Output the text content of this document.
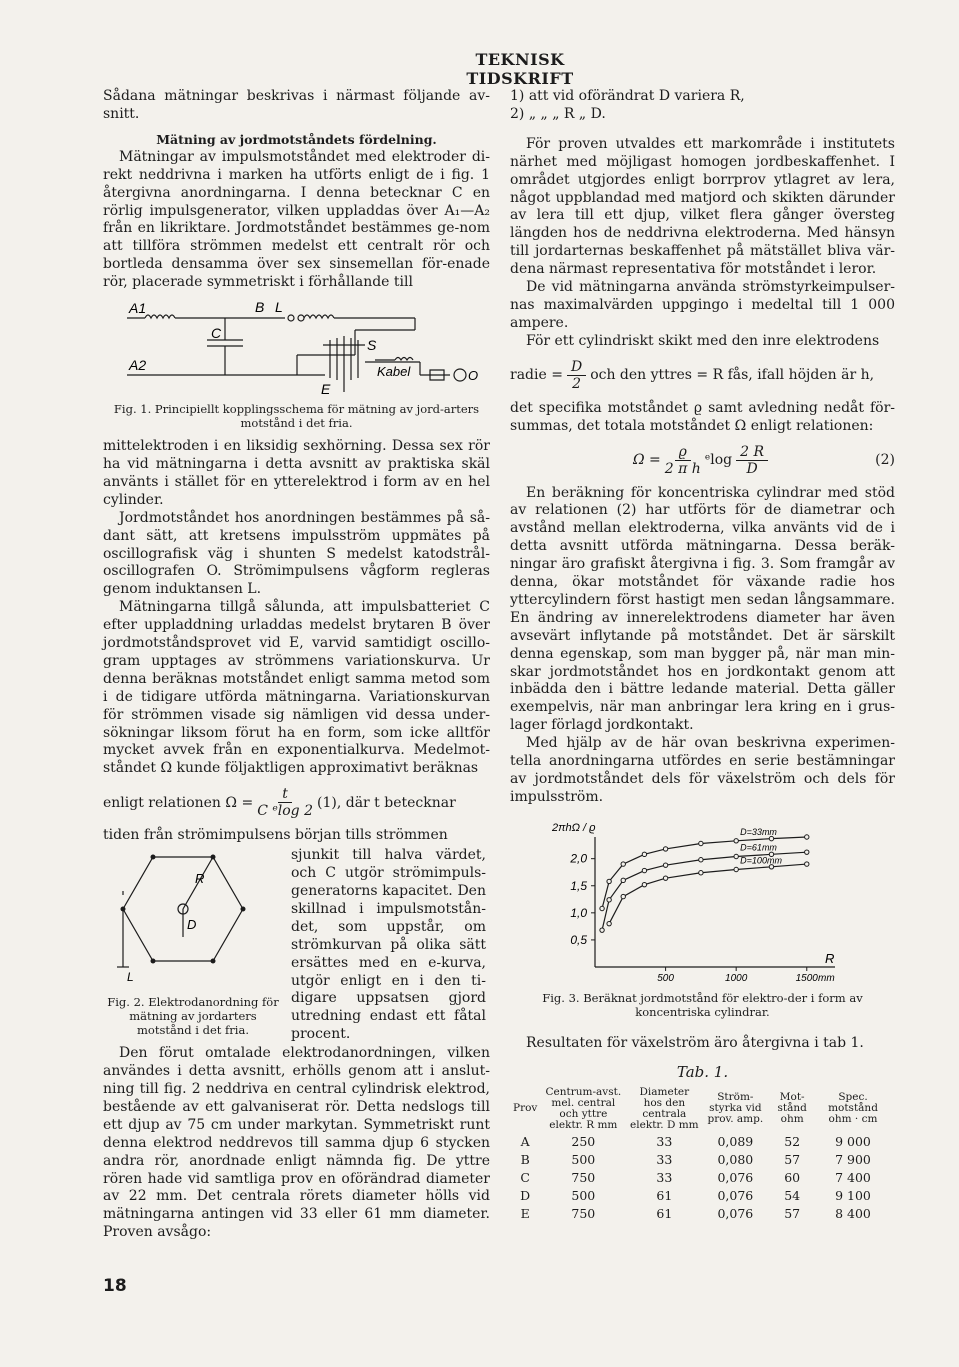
TEKNISK TIDSKRIFT

Sådana mätningar beskrivas i närmast följande av-snitt.

Mätning av jordmotståndets fördelning.

Mätningar av impulsmotståndet med elektroder di-rekt neddrivna i marken ha utförts enligt de i fig. 1 återgivna anordningarna. I denna betecknar C en rörlig impulsgenerator, vilken uppladdas över A₁—A₂ från en likriktare. Jordmotståndet bestämmes ge-nom att tillföra strömmen medelst ett centralt rör och bortleda densamma över sex sinsemellan för-enade rör, placerade symmetriskt i förhållande till

A1
A2
B L
C
S
Kabel
E
O
Fig. 1. Principiellt kopplingsschema för mätning av jord-arters motstånd i det fria.

mittelektroden i en liksidig sexhörning. Dessa sex rör ha vid mätningarna i detta avsnitt av praktiska skäl använts i stället för en ytterelektrod i form av en hel cylinder.

Jordmotståndet hos anordningen bestämmes på så-dant sätt, att kretsens impulsström uppmätes på oscillografisk väg i shunten S medelst katodstrål-oscillografen O. Strömimpulsens vågform regleras genom induktansen L.

Mätningarna tillgå sålunda, att impulsbatteriet C efter uppladdning urladdas medelst brytaren B över jordmotståndsprovet vid E, varvid samtidigt oscillo-gram upptages av strömmens variationskurva. Ur denna beräknas motståndet enligt samma metod som i de tidigare utförda mätningarna. Variationskurvan för strömmen visade sig nämligen vid dessa under-sökningar liksom förut ha en form, som icke alltför mycket avvek från en exponentialkurva. Medelmot-ståndet Ω kunde följaktligen approximativt beräknas

enligt relationen $\Omega = \frac{t}{\text{C ᵉlog 2}} (1)$, där t betecknar

tiden från strömimpulsens början tills strömmen

R
D
L
Fig. 2. Elektrodanordning för mätning av jordarters motstånd i det fria.

sjunkit till halva värdet, och C utgör strömimpuls-generatorns kapacitet. Den skillnad i impulsmotstån-det, som uppstår, om strömkurvan på olika sätt ersättes med en e-kurva, utgör enligt en i den ti-digare uppsatsen gjord utredning endast ett fåtal procent.

Den förut omtalade elektrodanordningen, vilken användes i detta avsnitt, erhölls genom att i anslut-ning till fig. 2 neddriva en central cylindrisk elektrod, bestående av ett galvaniserat rör. Detta nedslogs till ett djup av 75 cm under markytan. Symmetriskt runt denna elektrod neddrevos till samma djup 6 stycken andra rör, anordnade enligt nämnda fig. De yttre rören hade vid samtliga prov en oförändrad diameter av 22 mm. Det centrala rörets diameter hölls vid mätningarna antingen vid 33 eller 61 mm diameter. Proven avsågo:

1) att vid oförändrat D variera R,

2) „ „ „ R „ D.

För proven utvaldes ett markområde i institutets närhet med möjligast homogen jordbeskaffenhet. I området utgjordes enligt borrprov ytlagret av lera, något uppblandad med matjord och skikten därunder av lera till ett djup, vilket flera gånger översteg längden hos de neddrivna elektroderna. Med hänsyn till jordarternas beskaffenhet på mätstället bliva vär-dena närmast representativa för motståndet i leror.

De vid mätningarna använda strömstyrkeimpulser-nas maximalvärden uppgingo i medeltal till 1 000 ampere.

För ett cylindriskt skikt med den inre elektrodens

radie = $\frac{D}{2}$ och den yttres = R fås, ifall höjden är h,

det specifika motståndet ϱ samt avledning nedåt för-summas, det totala motståndet Ω enligt relationen:

$\Omega = \frac{ϱ}{\text{2 π h}}$ ᵉlog $\frac{2 R}{D}$	(2)

En beräkning för koncentriska cylindrar med stöd av relationen (2) har utförts för de diametrar och avstånd mellan elektroderna, vilka använts vid de i detta avsnitt utförda mätningarna. Dessa beräk-ningar äro grafiskt återgivna i fig. 3. Som framgår av denna, ökar motståndet för växande radie hos yttercylindern först hastigt men sedan långsammare. En ändring av innerelektrodens diameter har även avsevärt inflytande på motståndet. Det är särskilt denna egenskap, som man bygger på, när man min-skar jordmotståndet hos en jordkontakt genom att inbädda den i bättre ledande material. Detta gäller exempelvis, när man anbringar lera kring en i grus-lager förlagd jordkontakt.

Med hjälp av de här ovan beskrivna experimen-tella anordningarna utfördes en serie bestämningar av jordmotståndet dels för växelström och dels för impulsström.

2πhΩ / ϱ
0,5
1,0
1,5
2,0
500	1000	1500
D=33mm
D=61mm
D=100mm
R
mm
Fig. 3. Beräknat jordmotstånd för elektro-der i form av koncentriska cylindrar.

Resultaten för växelström äro återgivna i tab 1.

Tab. 1.
Prov	Centrum-avst. mel. central och yttre elektr. R mm	Diameter hos den centrala elektr. D mm	Ström-styrka vid prov. amp.	Mot-stånd ohm	Spec. motstånd ohm · cm
A	250	33	0,089	52	9 000
B	500	33	0,080	57	7 900
C	750	33	0,076	60	7 400
D	500	61	0,076	54	9 100
E	750	61	0,076	57	8 400
18
